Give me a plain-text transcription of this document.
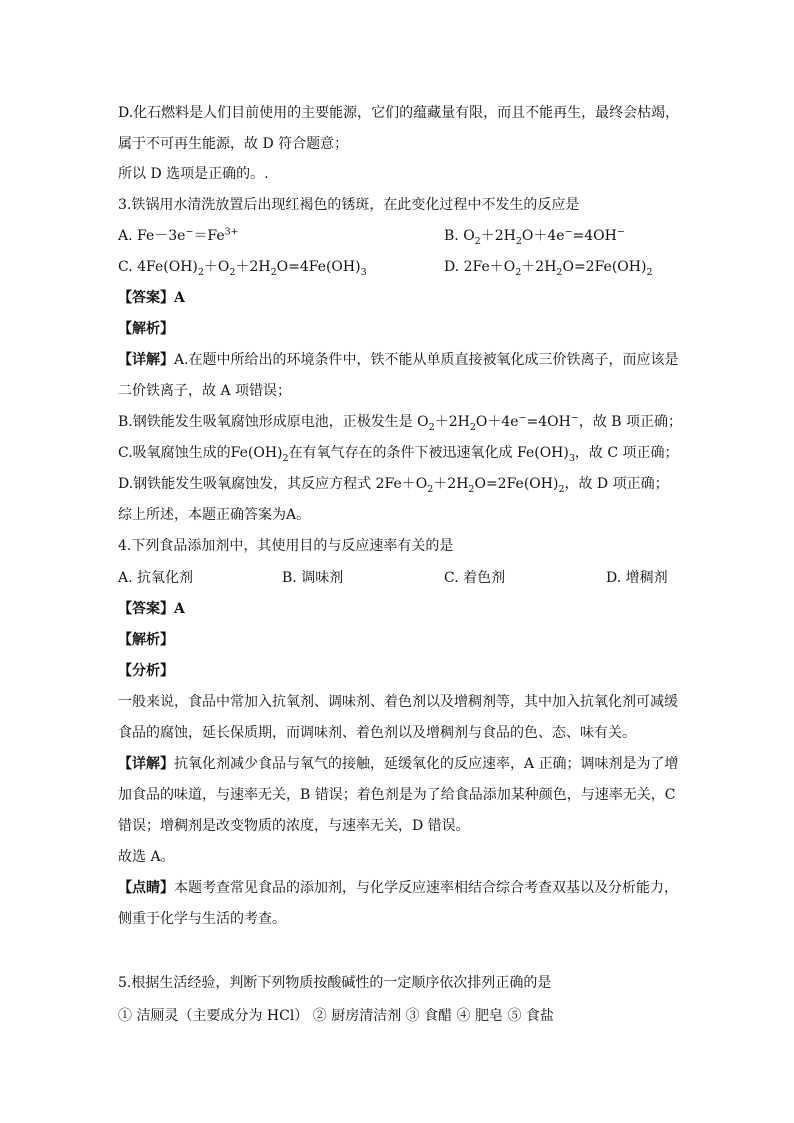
D.化石燃料是人们目前使用的主要能源，它们的蕴藏量有限，而且不能再生，最终会枯竭，
属于不可再生能源，故 D 符合题意；
所以 D 选项是正确的。.
3.铁锅用水清洗放置后出现红褐色的锈斑，在此变化过程中不发生的反应是
A. $Fe-3e^-=Fe^{3+}$	B. $O_2+2H_2O+4e^-=4OH^-$
C. $4Fe(OH)_2+O_2+2H_2O=4Fe(OH)_3$	D. $2Fe+O_2+2H_2O=2Fe(OH)_2$
【答案】A
【解析】
【详解】A.在题中所给出的环境条件中，铁不能从单质直接被氧化成三价铁离子，而应该是
二价铁离子，故 A 项错误；
B.钢铁能发生吸氧腐蚀形成原电池，正极发生是 $O_2+2H_2O+4e^-=4OH^-$，故 B 项正确；
C.吸氧腐蚀生成的$Fe(OH)_2$在有氧气存在的条件下被迅速氧化成 $Fe(OH)_3$，故 C 项正确；
D.钢铁能发生吸氧腐蚀发，其反应方程式 $2Fe+O_2+2H_2O=2Fe(OH)_2$，故 D 项正确；
综上所述，本题正确答案为A。
4.下列食品添加剂中，其使用目的与反应速率有关的是
A. 抗氧化剂	B. 调味剂	C. 着色剂	D. 增稠剂
【答案】A
【解析】
【分析】
一般来说，食品中常加入抗氧剂、调味剂、着色剂以及增稠剂等，其中加入抗氧化剂可减缓
食品的腐蚀，延长保质期，而调味剂、着色剂以及增稠剂与食品的色、态、味有关。
【详解】抗氧化剂减少食品与氧气的接触，延缓氧化的反应速率，A 正确；调味剂是为了增
加食品的味道，与速率无关，B 错误；着色剂是为了给食品添加某种颜色，与速率无关，C
错误；增稠剂是改变物质的浓度，与速率无关，D 错误。
故选 A。
【点睛】本题考查常见食品的添加剂，与化学反应速率相结合综合考查双基以及分析能力，
侧重于化学与生活的考查。
5.根据生活经验，判断下列物质按酸碱性的一定顺序依次排列正确的是
① 洁厕灵（主要成分为 HCl） ② 厨房清洁剂 ③ 食醋 ④ 肥皂 ⑤ 食盐
